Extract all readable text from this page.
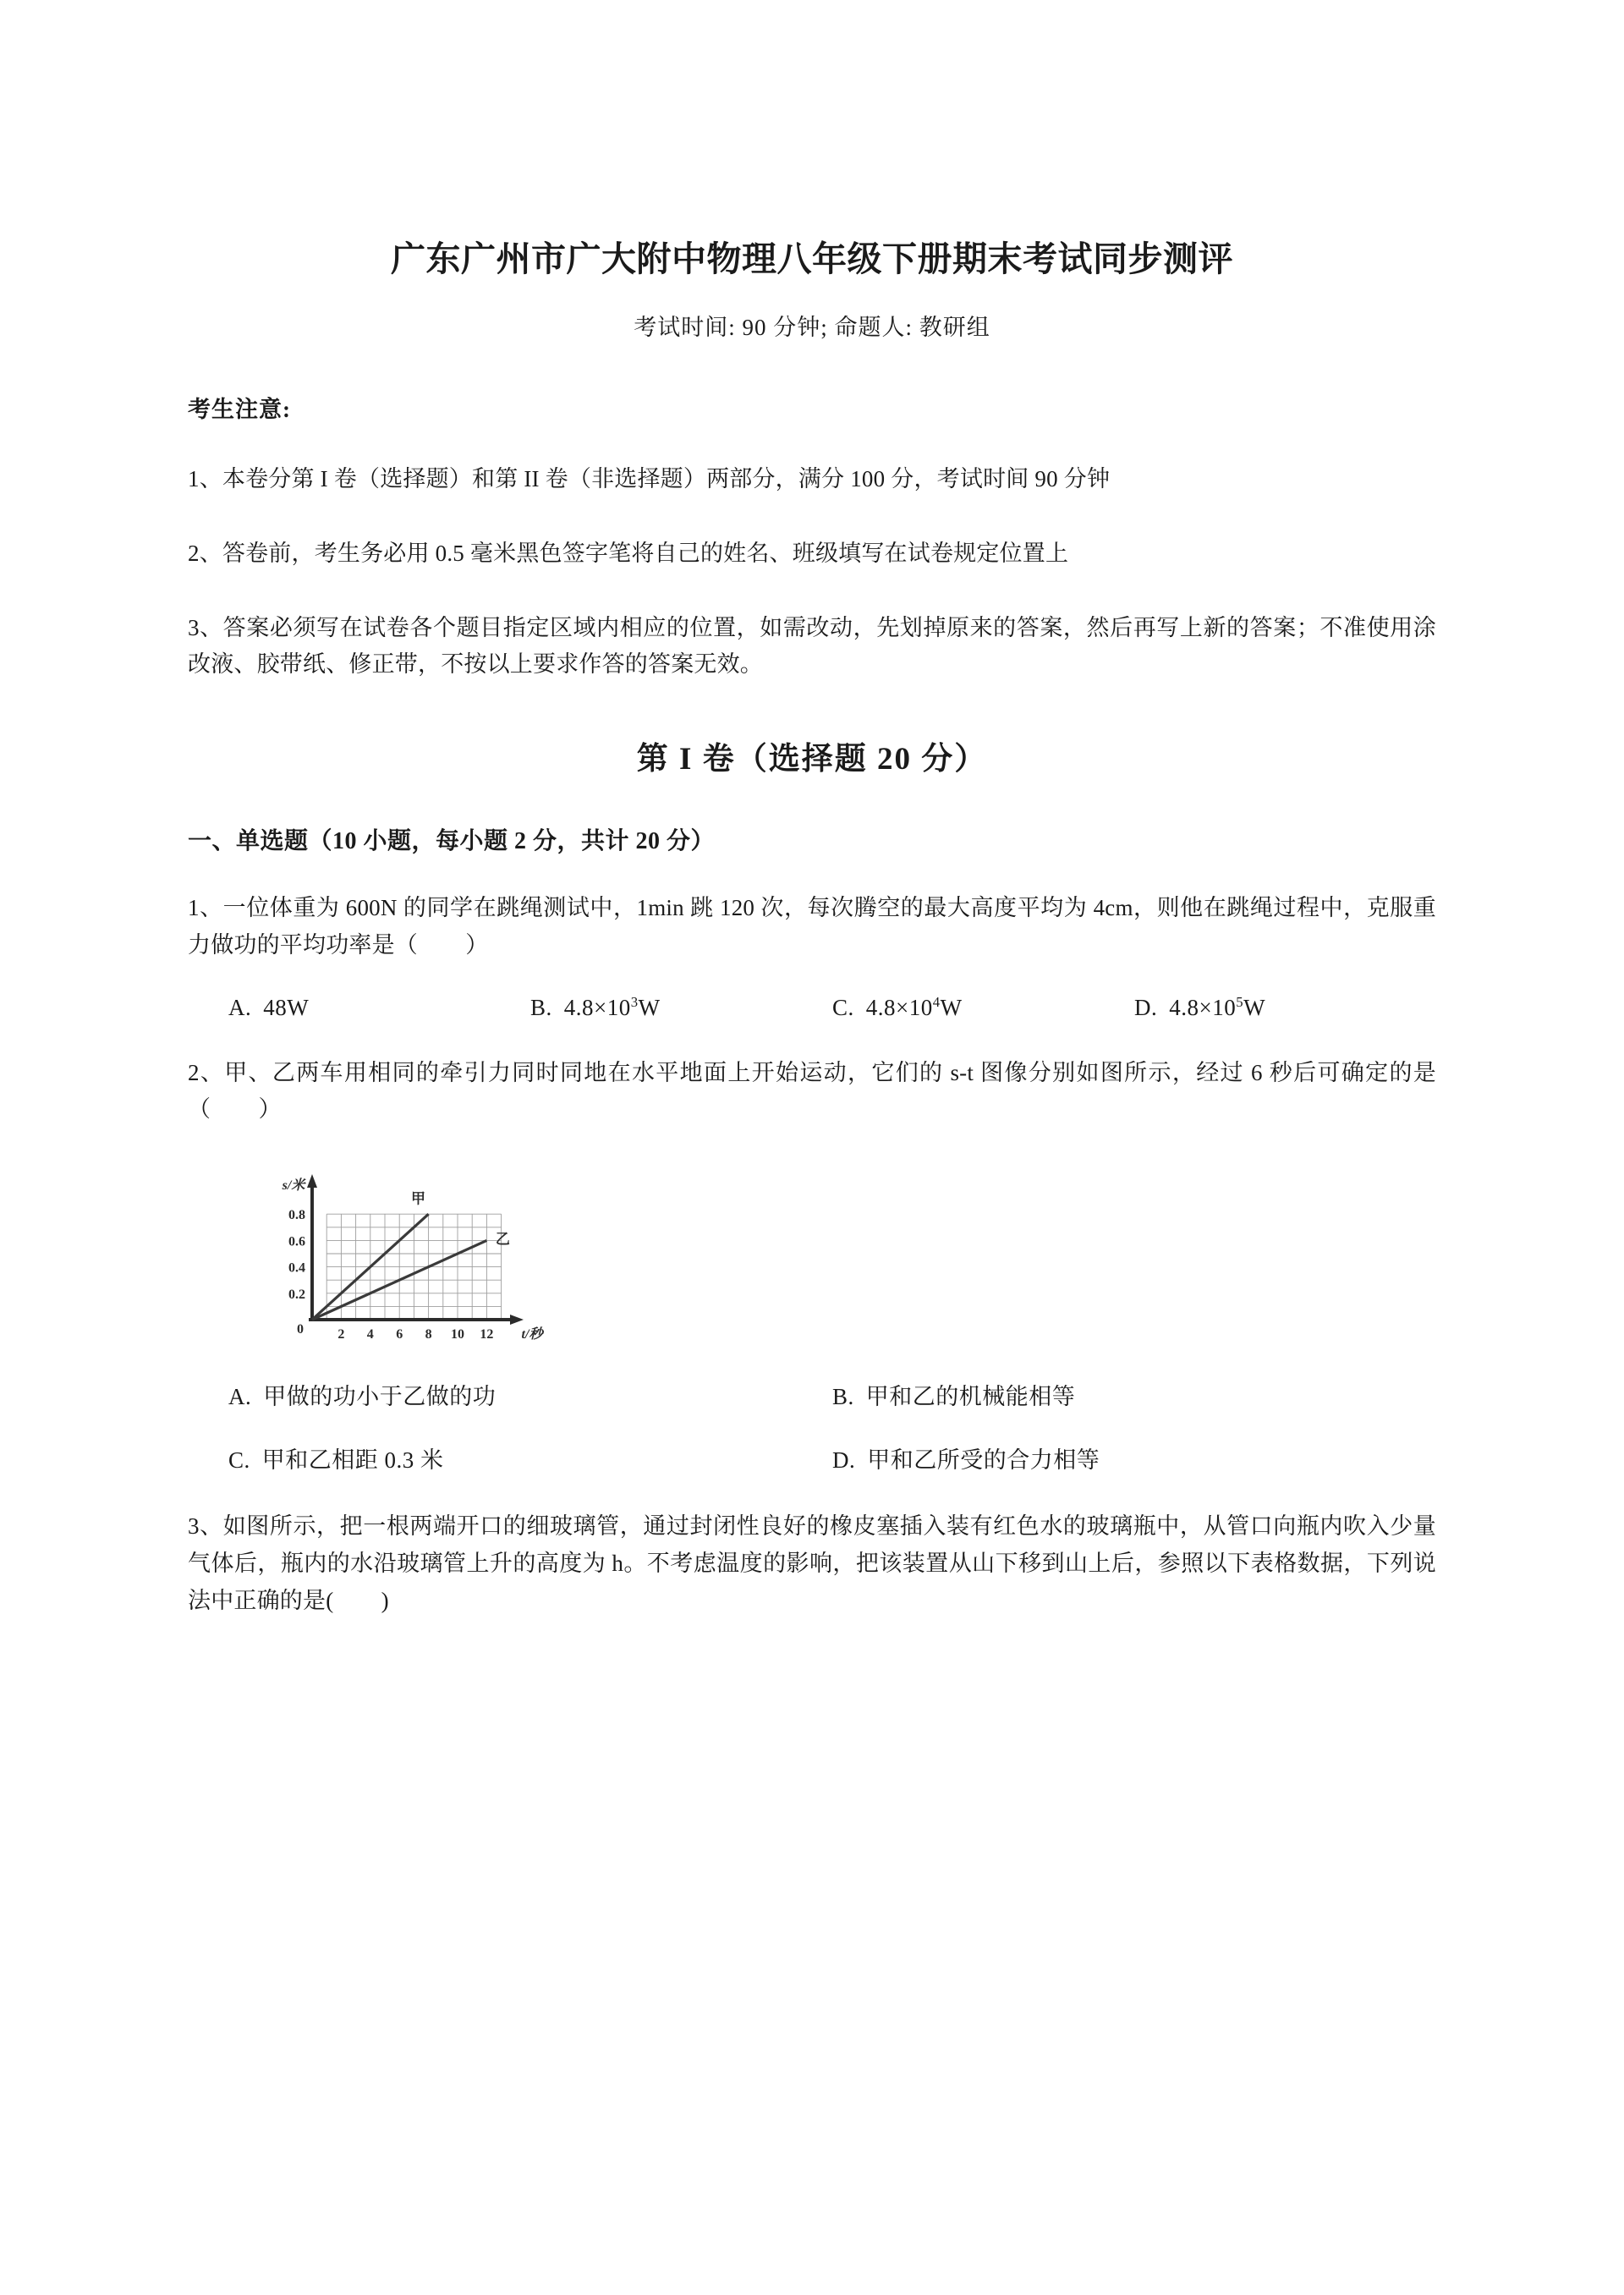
广东广州市广大附中物理八年级下册期末考试同步测评
考试时间: 90 分钟; 命题人: 教研组
考生注意:

1、本卷分第 I 卷（选择题）和第 II 卷（非选择题）两部分，满分 100 分，考试时间 90 分钟

2、答卷前，考生务必用 0.5 毫米黑色签字笔将自己的姓名、班级填写在试卷规定位置上

3、答案必须写在试卷各个题目指定区域内相应的位置，如需改动，先划掉原来的答案，然后再写上新的答案；不准使用涂改液、胶带纸、修正带，不按以上要求作答的答案无效。

第 I 卷（选择题 20 分）
一、单选题（10 小题，每小题 2 分，共计 20 分）

1、一位体重为 600N 的同学在跳绳测试中，1min 跳 120 次，每次腾空的最大高度平均为 4cm，则他在跳绳过程中，克服重力做功的平均功率是（ ）

A. 48W	B. $4.8\times 10^3W$	C. $4.8\times 10^4W$	D. $4.8\times 10^5W$

2、甲、乙两车用相同的牵引力同时同地在水平地面上开始运动，它们的 s-t 图像分别如图所示，经过 6 秒后可确定的是（ ）

0.2
0.4
0.6
0.8
0	2 4 6 8 10 12
s/米
t/秒
甲
乙
A. 甲做的功小于乙做的功	B. 甲和乙的机械能相等
C. 甲和乙相距 0.3 米	D. 甲和乙所受的合力相等

3、如图所示，把一根两端开口的细玻璃管，通过封闭性良好的橡皮塞插入装有红色水的玻璃瓶中，从管口向瓶内吹入少量气体后，瓶内的水沿玻璃管上升的高度为 h。不考虑温度的影响，把该装置从山下移到山上后，参照以下表格数据，下列说法中正确的是( )
